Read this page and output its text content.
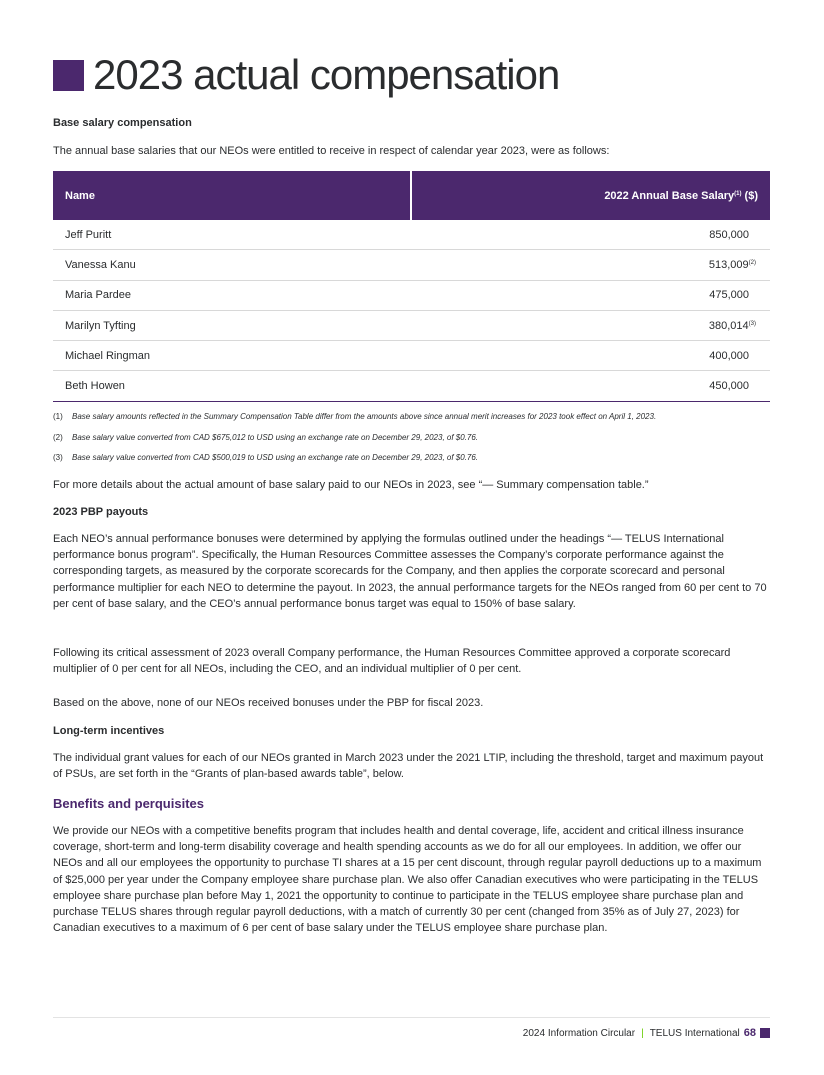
2023 actual compensation
Base salary compensation

The annual base salaries that our NEOs were entitled to receive in respect of calendar year 2023, were as follows:

Name	2022 Annual Base Salary$^{(1)}$ ($)
Jeff Puritt	850,000
Vanessa Kanu	513,009$^{(2)}$
Maria Pardee	475,000
Marilyn Tyfting	380,014$^{(3)}$
Michael Ringman	400,000
Beth Howen	450,000
(1)	Base salary amounts reflected in the Summary Compensation Table differ from the amounts above since annual merit increases for 2023 took effect on April 1, 2023.
(2)	Base salary value converted from CAD $675,012 to USD using an exchange rate on December 29, 2023, of $0.76.
(3)	Base salary value converted from CAD $500,019 to USD using an exchange rate on December 29, 2023, of $0.76.

For more details about the actual amount of base salary paid to our NEOs in 2023, see “— Summary compensation table.”

2023 PBP payouts

Each NEO’s annual performance bonuses were determined by applying the formulas outlined under the headings “— TELUS International performance bonus program”. Specifically, the Human Resources Committee assesses the Company’s corporate performance against the corresponding targets, as measured by the corporate scorecards for the Company, and then applies the corporate scorecard and personal performance multiplier for each NEO to determine the payout. In 2023, the annual performance targets for the NEOs ranged from 60 per cent to 70 per cent of base salary, and the CEO’s annual performance bonus target was equal to 150% of base salary.

Following its critical assessment of 2023 overall Company performance, the Human Resources Committee approved a corporate scorecard multiplier of 0 per cent for all NEOs, including the CEO, and an individual multiplier of 0 per cent.

Based on the above, none of our NEOs received bonuses under the PBP for fiscal 2023.

Long-term incentives

The individual grant values for each of our NEOs granted in March 2023 under the 2021 LTIP, including the threshold, target and maximum payout of PSUs, are set forth in the “Grants of plan-based awards table”, below.

Benefits and perquisites

We provide our NEOs with a competitive benefits program that includes health and dental coverage, life, accident and critical illness insurance coverage, short-term and long-term disability coverage and health spending accounts as we do for all our employees. In addition, we offer our NEOs and all our employees the opportunity to purchase TI shares at a 15 per cent discount, through regular payroll deductions up to a maximum of $25,000 per year under the Company employee share purchase plan. We also offer Canadian executives who were participating in the TELUS employee share purchase plan before May 1, 2021 the opportunity to continue to participate in the TELUS employee share purchase plan and purchase TELUS shares through regular payroll deductions, with a match of currently 30 per cent (changed from 35% as of July 27, 2023) for Canadian executives to a maximum of 6 per cent of base salary under the TELUS employee share purchase plan.

2024 Information Circular | TELUS International 68
